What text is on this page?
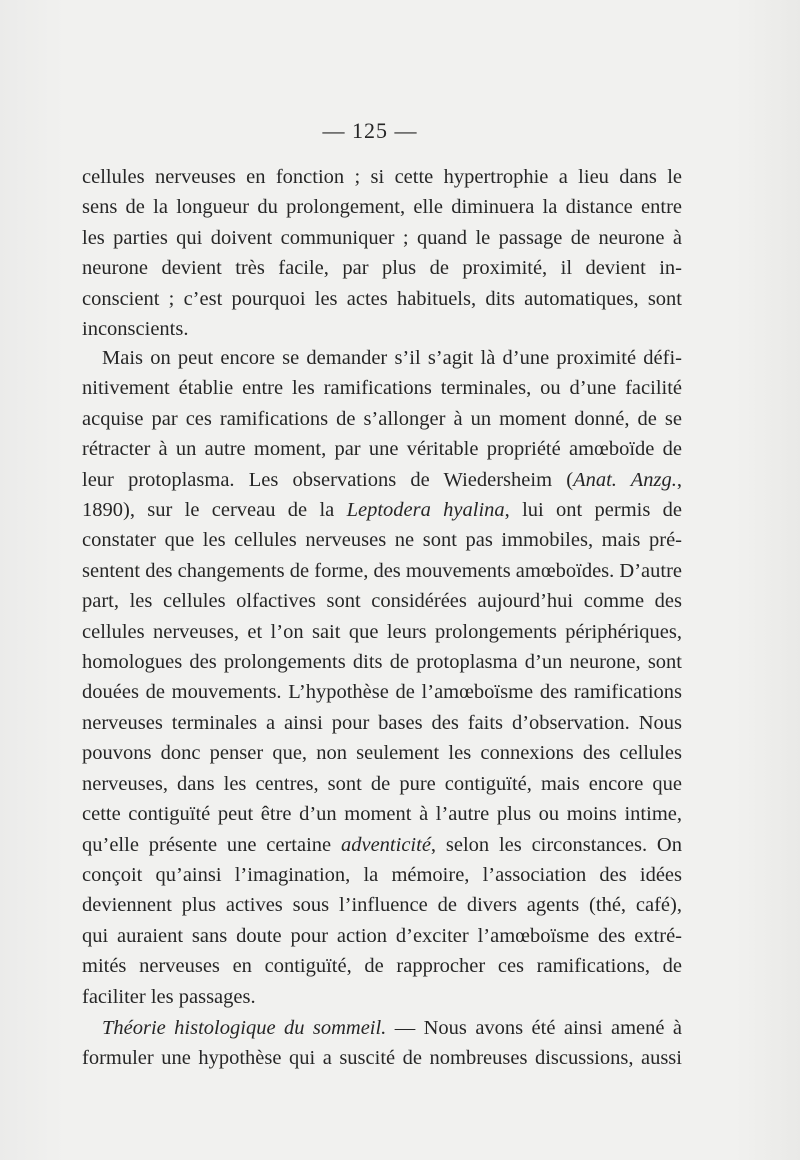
— 125 —

cellules nerveuses en fonction ; si cette hypertrophie a lieu dans le

sens de la longueur du prolongement, elle diminuera la distance entre

les parties qui doivent communiquer ; quand le passage de neurone à

neurone devient très facile, par plus de proximité, il devient in-

conscient ; c’est pourquoi les actes habituels, dits automatiques, sont

inconscients.

Mais on peut encore se demander s’il s’agit là d’une proximité défi-

nitivement établie entre les ramifications terminales, ou d’une facilité

acquise par ces ramifications de s’allonger à un moment donné, de se

rétracter à un autre moment, par une véritable propriété amœboïde de

leur protoplasma. Les observations de Wiedersheim (Anat. Anzg.,

1890), sur le cerveau de la Leptodera hyalina, lui ont permis de

constater que les cellules nerveuses ne sont pas immobiles, mais pré-

sentent des changements de forme, des mouvements amœboïdes. D’autre

part, les cellules olfactives sont considérées aujourd’hui comme des

cellules nerveuses, et l’on sait que leurs prolongements périphériques,

homologues des prolongements dits de protoplasma d’un neurone, sont

douées de mouvements. L’hypothèse de l’amœboïsme des ramifications

nerveuses terminales a ainsi pour bases des faits d’observation. Nous

pouvons donc penser que, non seulement les connexions des cellules

nerveuses, dans les centres, sont de pure contiguïté, mais encore que

cette contiguïté peut être d’un moment à l’autre plus ou moins intime,

qu’elle présente une certaine adventicité, selon les circonstances. On

conçoit qu’ainsi l’imagination, la mémoire, l’association des idées

deviennent plus actives sous l’influence de divers agents (thé, café),

qui auraient sans doute pour action d’exciter l’amœboïsme des extré-

mités nerveuses en contiguïté, de rapprocher ces ramifications, de

faciliter les passages.

Théorie histologique du sommeil. — Nous avons été ainsi amené à

formuler une hypothèse qui a suscité de nombreuses discussions, aussi
